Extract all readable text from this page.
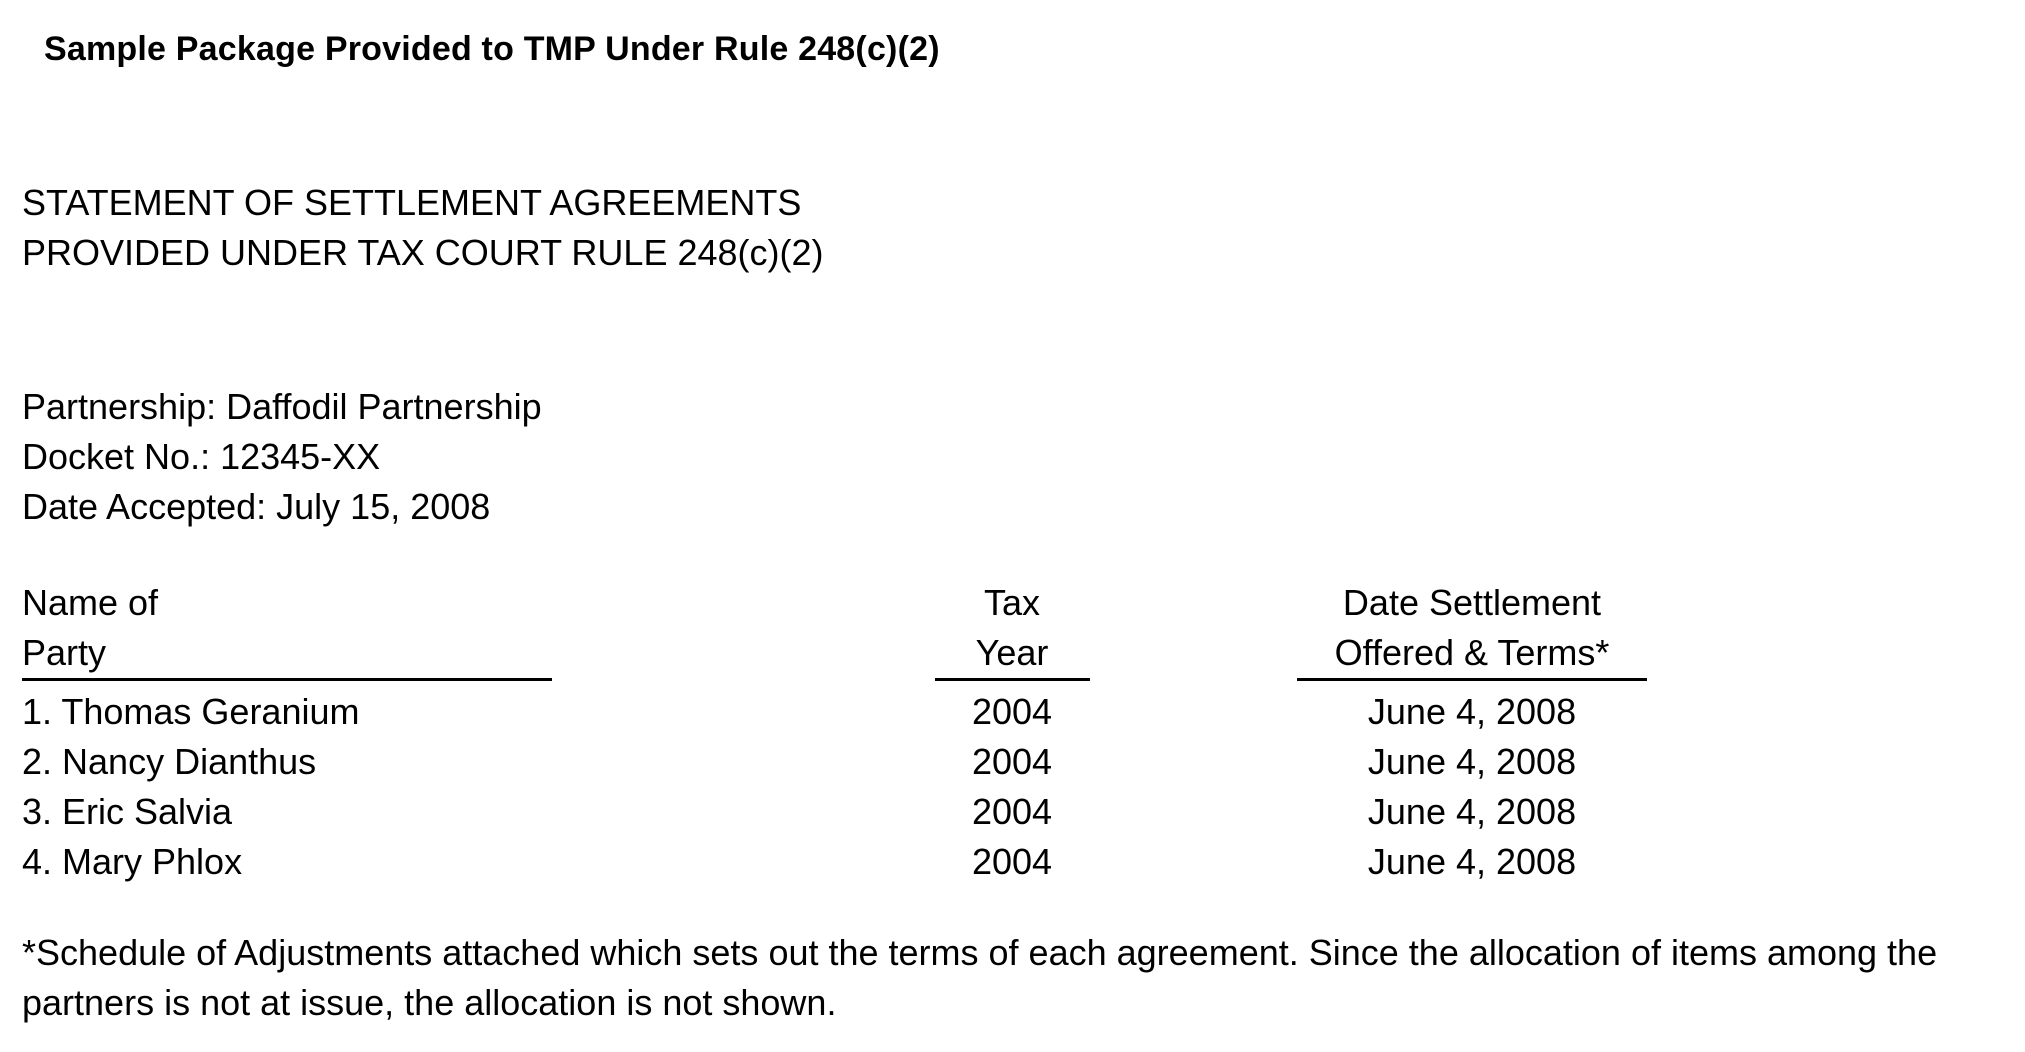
Sample Package Provided to TMP Under Rule 248(c)(2)
STATEMENT OF SETTLEMENT AGREEMENTS
PROVIDED UNDER TAX COURT RULE 248(c)(2)
Partnership: Daffodil Partnership
Docket No.: 12345-XX
Date Accepted: July 15, 2008
Name of	Tax	Date Settlement
Party	Year	Offered & Terms*
1. Thomas Geranium	2004	June 4, 2008
2. Nancy Dianthus	2004	June 4, 2008
3. Eric Salvia	2004	June 4, 2008
4. Mary Phlox	2004	June 4, 2008
*Schedule of Adjustments attached which sets out the terms of each agreement. Since the allocation of items among the partners is not at issue, the allocation is not shown.
